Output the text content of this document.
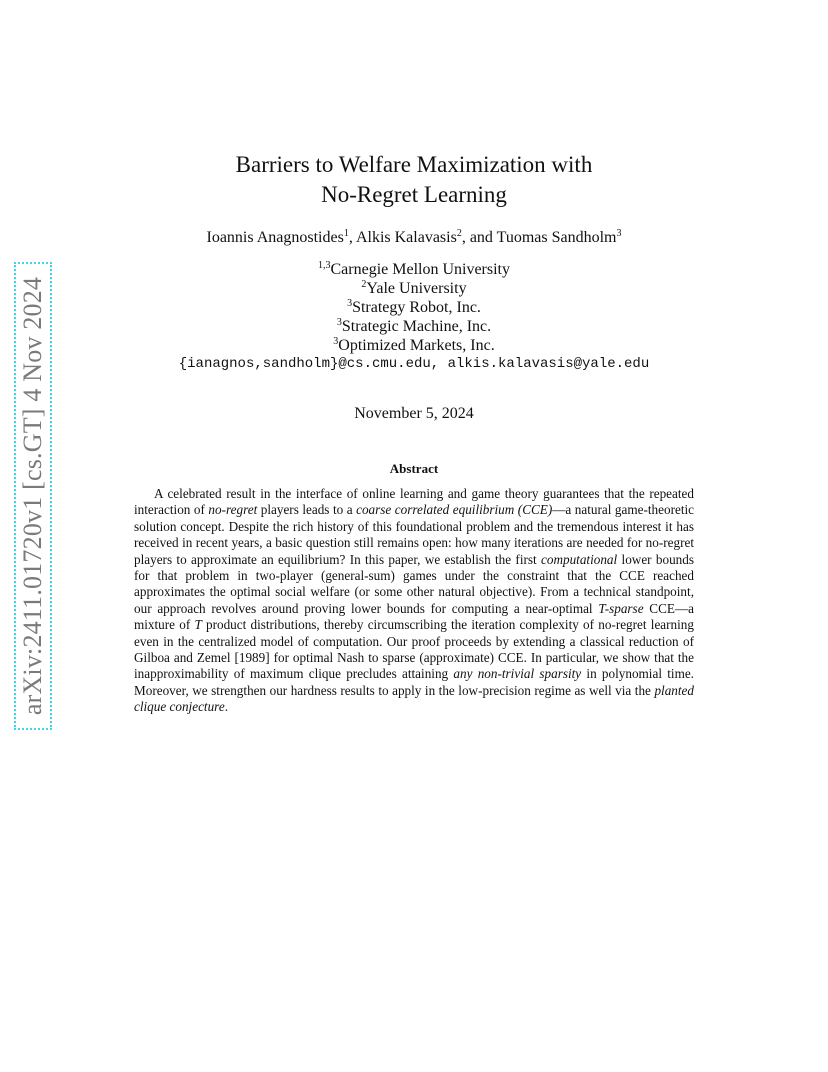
arXiv:2411.01720v1 [cs.GT] 4 Nov 2024
Barriers to Welfare Maximization with
No-Regret Learning
Ioannis Anagnostides$^1$, Alkis Kalavasis$^2$, and Tuomas Sandholm$^3$
$^{1,3}$Carnegie Mellon University
$^2$Yale University
$^3$Strategy Robot, Inc.
$^3$Strategic Machine, Inc.
$^3$Optimized Markets, Inc.
{ianagnos,sandholm}@cs.cmu.edu, alkis.kalavasis@yale.edu
November 5, 2024
Abstract
A celebrated result in the interface of online learning and game theory guarantees that the repeated interaction of no-regret players leads to a coarse correlated equilibrium (CCE)—a natural game-theoretic solution concept. Despite the rich history of this foundational problem and the tremendous interest it has received in recent years, a basic question still remains open: how many iterations are needed for no-regret players to approximate an equilibrium? In this paper, we establish the first computational lower bounds for that problem in two-player (general-sum) games under the constraint that the CCE reached approximates the optimal social welfare (or some other natural objective). From a technical standpoint, our approach revolves around proving lower bounds for computing a near-optimal T-sparse CCE—a mixture of T product distributions, thereby circumscribing the iteration complexity of no-regret learning even in the centralized model of computation. Our proof proceeds by extending a classical reduction of Gilboa and Zemel [1989] for optimal Nash to sparse (approximate) CCE. In particular, we show that the inapproximability of maximum clique precludes attaining any non-trivial sparsity in polynomial time. Moreover, we strengthen our hardness results to apply in the low-precision regime as well via the planted clique conjecture.
